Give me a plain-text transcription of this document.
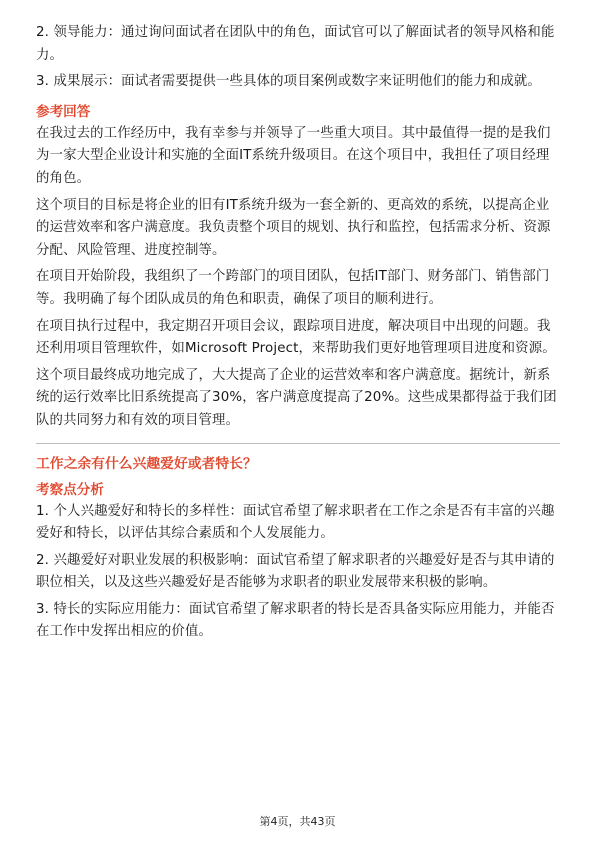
2. 领导能力：通过询问面试者在团队中的角色，面试官可以了解面试者的领导风格和能力。

3. 成果展示：面试者需要提供一些具体的项目案例或数字来证明他们的能力和成就。

参考回答

在我过去的工作经历中，我有幸参与并领导了一些重大项目。其中最值得一提的是我们为一家大型企业设计和实施的全面IT系统升级项目。在这个项目中，我担任了项目经理的角色。

这个项目的目标是将企业的旧有IT系统升级为一套全新的、更高效的系统，以提高企业的运营效率和客户满意度。我负责整个项目的规划、执行和监控，包括需求分析、资源分配、风险管理、进度控制等。

在项目开始阶段，我组织了一个跨部门的项目团队，包括IT部门、财务部门、销售部门等。我明确了每个团队成员的角色和职责，确保了项目的顺利进行。

在项目执行过程中，我定期召开项目会议，跟踪项目进度，解决项目中出现的问题。我还利用项目管理软件，如Microsoft Project，来帮助我们更好地管理项目进度和资源。

这个项目最终成功地完成了，大大提高了企业的运营效率和客户满意度。据统计，新系统的运行效率比旧系统提高了30%，客户满意度提高了20%。这些成果都得益于我们团队的共同努力和有效的项目管理。

工作之余有什么兴趣爱好或者特长？
考察点分析

1. 个人兴趣爱好和特长的多样性：面试官希望了解求职者在工作之余是否有丰富的兴趣爱好和特长，以评估其综合素质和个人发展能力。

2. 兴趣爱好对职业发展的积极影响：面试官希望了解求职者的兴趣爱好是否与其申请的职位相关，以及这些兴趣爱好是否能够为求职者的职业发展带来积极的影响。

3. 特长的实际应用能力：面试官希望了解求职者的特长是否具备实际应用能力，并能否在工作中发挥出相应的价值。

第4页，共43页
